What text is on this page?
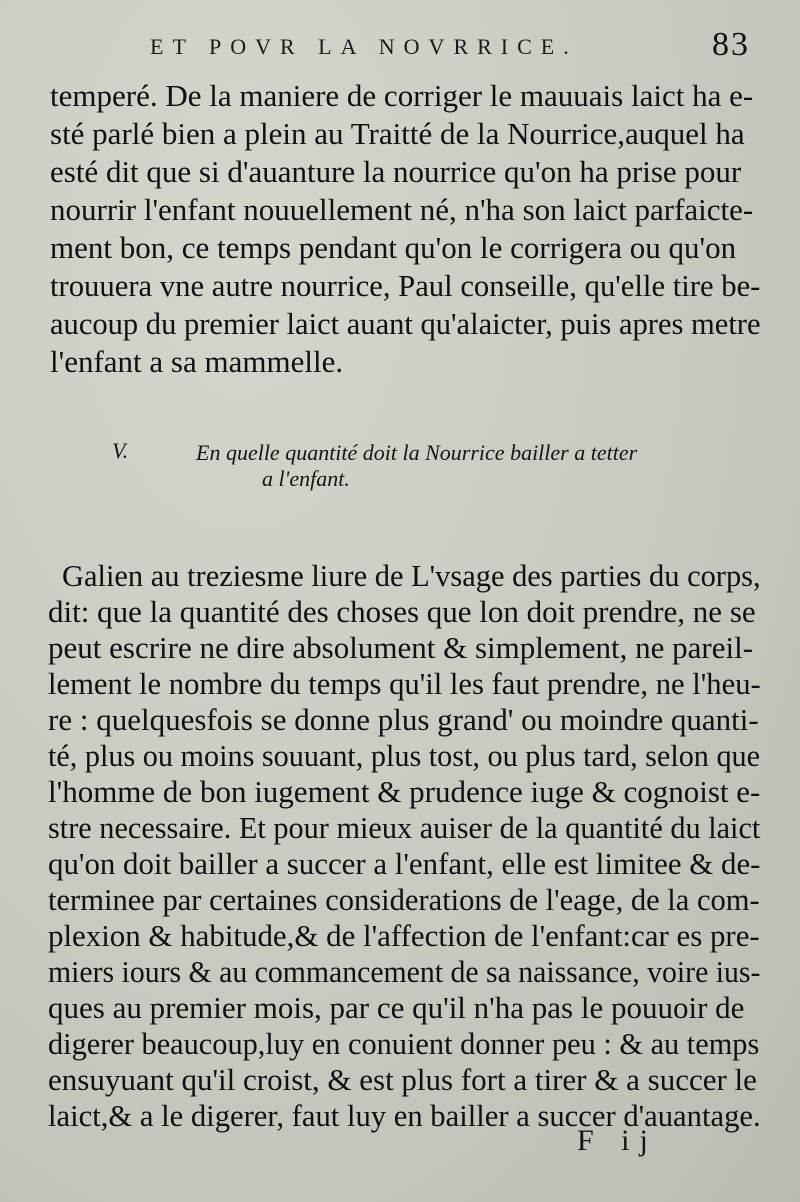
ET POVR LA NOVRRICE.	83
temperé. De la maniere de corriger le mauuais laict ha e-
sté parlé bien a plein au Traitté de la Nourrice,auquel ha
esté dit que si d'auanture la nourrice qu'on ha prise pour
nourrir l'enfant nouuellement né, n'ha son laict parfaicte-
ment bon, ce temps pendant qu'on le corrigera ou qu'on
trouuera vne autre nourrice, Paul conseille, qu'elle tire be-
aucoup du premier laict auant qu'alaicter, puis apres metre
l'enfant a sa mammelle.
V.	En quelle quantité doit la Nourrice bailler a tetter
a l'enfant.
Galien au treziesme liure de L'vsage des parties du corps,
dit: que la quantité des choses que lon doit prendre, ne se
peut escrire ne dire absolument & simplement, ne pareil-
lement le nombre du temps qu'il les faut prendre, ne l'heu-
re : quelquesfois se donne plus grand' ou moindre quanti-
té, plus ou moins souuant, plus tost, ou plus tard, selon que
l'homme de bon iugement & prudence iuge & cognoist e-
stre necessaire. Et pour mieux auiser de la quantité du laict
qu'on doit bailler a succer a l'enfant, elle est limitee & de-
terminee par certaines considerations de l'eage, de la com-
plexion & habitude,& de l'affection de l'enfant:car es pre-
miers iours & au commancement de sa naissance, voire ius-
ques au premier mois, par ce qu'il n'ha pas le pouuoir de
digerer beaucoup,luy en conuient donner peu : & au temps
ensuyuant qu'il croist, & est plus fort a tirer & a succer le
laict,& a le digerer, faut luy en bailler a succer d'auantage.
F ij
